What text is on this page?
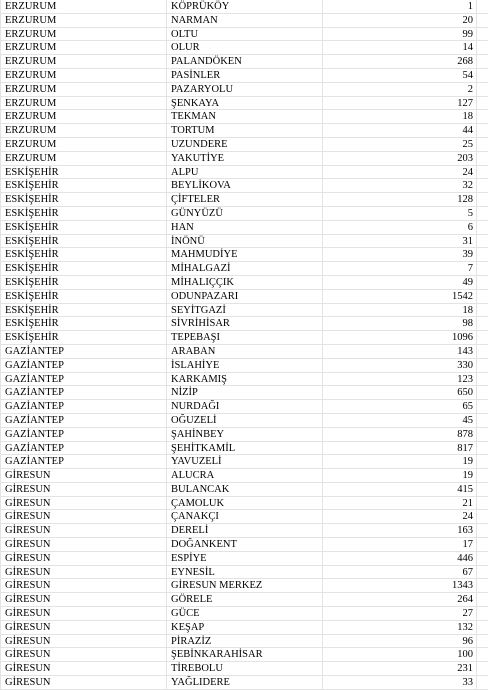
ERZURUM	KÖPRÜKÖY	1
ERZURUM	NARMAN	20
ERZURUM	OLTU	99
ERZURUM	OLUR	14
ERZURUM	PALANDÖKEN	268
ERZURUM	PASİNLER	54
ERZURUM	PAZARYOLU	2
ERZURUM	ŞENKAYA	127
ERZURUM	TEKMAN	18
ERZURUM	TORTUM	44
ERZURUM	UZUNDERE	25
ERZURUM	YAKUTİYE	203
ESKİŞEHİR	ALPU	24
ESKİŞEHİR	BEYLİKOVA	32
ESKİŞEHİR	ÇİFTELER	128
ESKİŞEHİR	GÜNYÜZÜ	5
ESKİŞEHİR	HAN	6
ESKİŞEHİR	İNÖNÜ	31
ESKİŞEHİR	MAHMUDİYE	39
ESKİŞEHİR	MİHALGAZİ	7
ESKİŞEHİR	MİHALIÇÇIK	49
ESKİŞEHİR	ODUNPAZARI	1542
ESKİŞEHİR	SEYİTGAZİ	18
ESKİŞEHİR	SİVRİHİSAR	98
ESKİŞEHİR	TEPEBAŞI	1096
GAZİANTEP	ARABAN	143
GAZİANTEP	İSLAHİYE	330
GAZİANTEP	KARKAMIŞ	123
GAZİANTEP	NİZİP	650
GAZİANTEP	NURDAĞI	65
GAZİANTEP	OĞUZELİ	45
GAZİANTEP	ŞAHİNBEY	878
GAZİANTEP	ŞEHİTKAMİL	817
GAZİANTEP	YAVUZELİ	19
GİRESUN	ALUCRA	19
GİRESUN	BULANCAK	415
GİRESUN	ÇAMOLUK	21
GİRESUN	ÇANAKÇI	24
GİRESUN	DERELİ	163
GİRESUN	DOĞANKENT	17
GİRESUN	ESPİYE	446
GİRESUN	EYNESİL	67
GİRESUN	GİRESUN MERKEZ	1343
GİRESUN	GÖRELE	264
GİRESUN	GÜCE	27
GİRESUN	KEŞAP	132
GİRESUN	PİRAZİZ	96
GİRESUN	ŞEBİNKARAHİSAR	100
GİRESUN	TİREBOLU	231
GİRESUN	YAĞLIDERE	33
